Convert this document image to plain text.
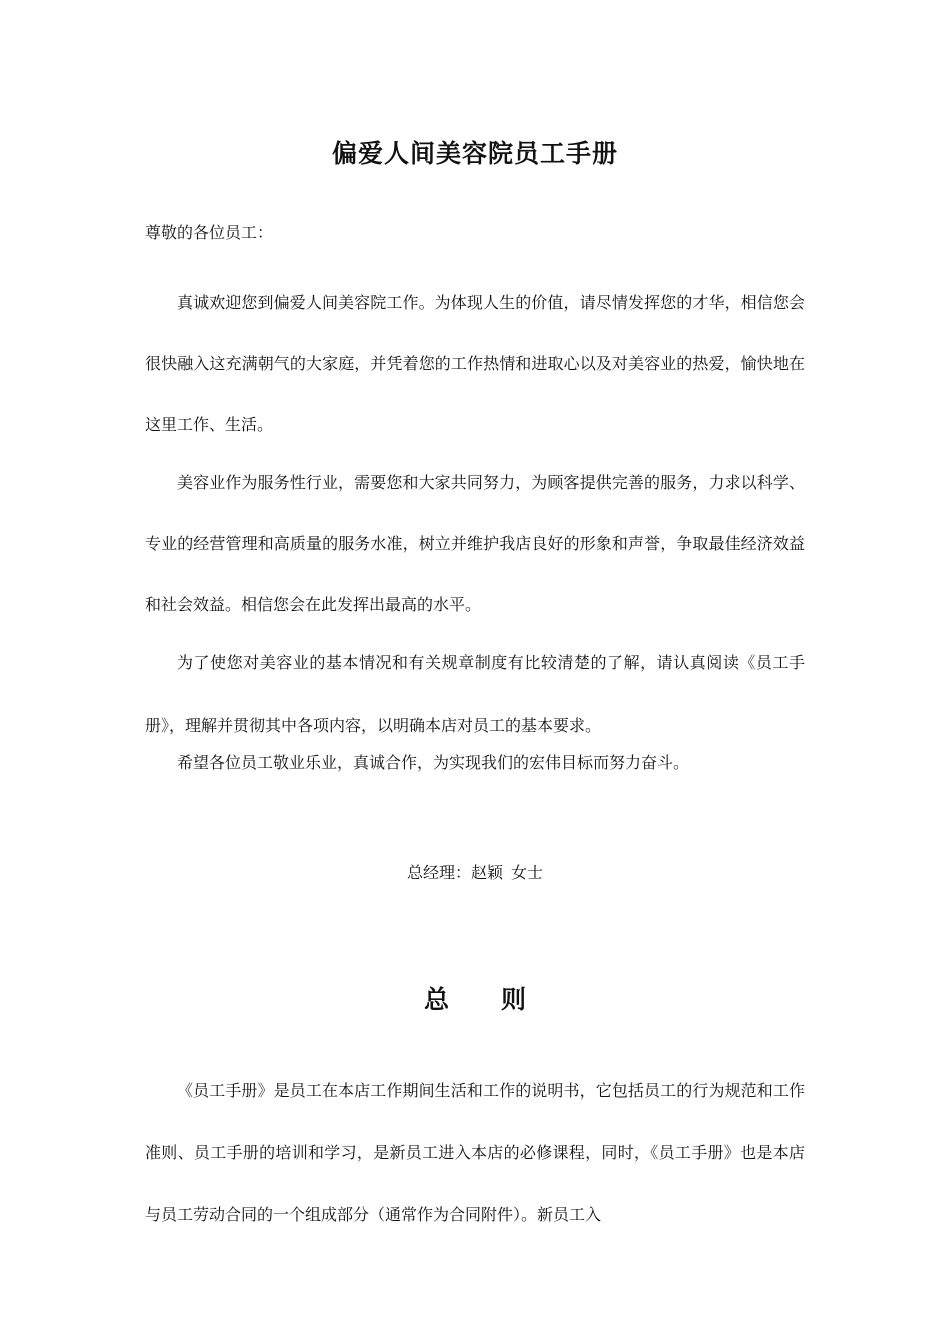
偏爱人间美容院员工手册
尊敬的各位员工：

真诚欢迎您到偏爱人间美容院工作。为体现人生的价值，请尽情发挥您的才华，相信您会很快融入这充满朝气的大家庭，并凭着您的工作热情和进取心以及对美容业的热爱，愉快地在这里工作、生活。

美容业作为服务性行业，需要您和大家共同努力，为顾客提供完善的服务，力求以科学、专业的经营管理和高质量的服务水准，树立并维护我店良好的形象和声誉，争取最佳经济效益和社会效益。相信您会在此发挥出最高的水平。

为了使您对美容业的基本情况和有关规章制度有比较清楚的了解，请认真阅读《员工手册》，理解并贯彻其中各项内容，以明确本店对员工的基本要求。

希望各位员工敬业乐业，真诚合作，为实现我们的宏伟目标而努力奋斗。

总经理：赵颖 女士
总 则

《员工手册》是员工在本店工作期间生活和工作的说明书，它包括员工的行为规范和工作准则、员工手册的培训和学习，是新员工进入本店的必修课程，同时，《员工手册》也是本店与员工劳动合同的一个组成部分（通常作为合同附件）。新员工入
